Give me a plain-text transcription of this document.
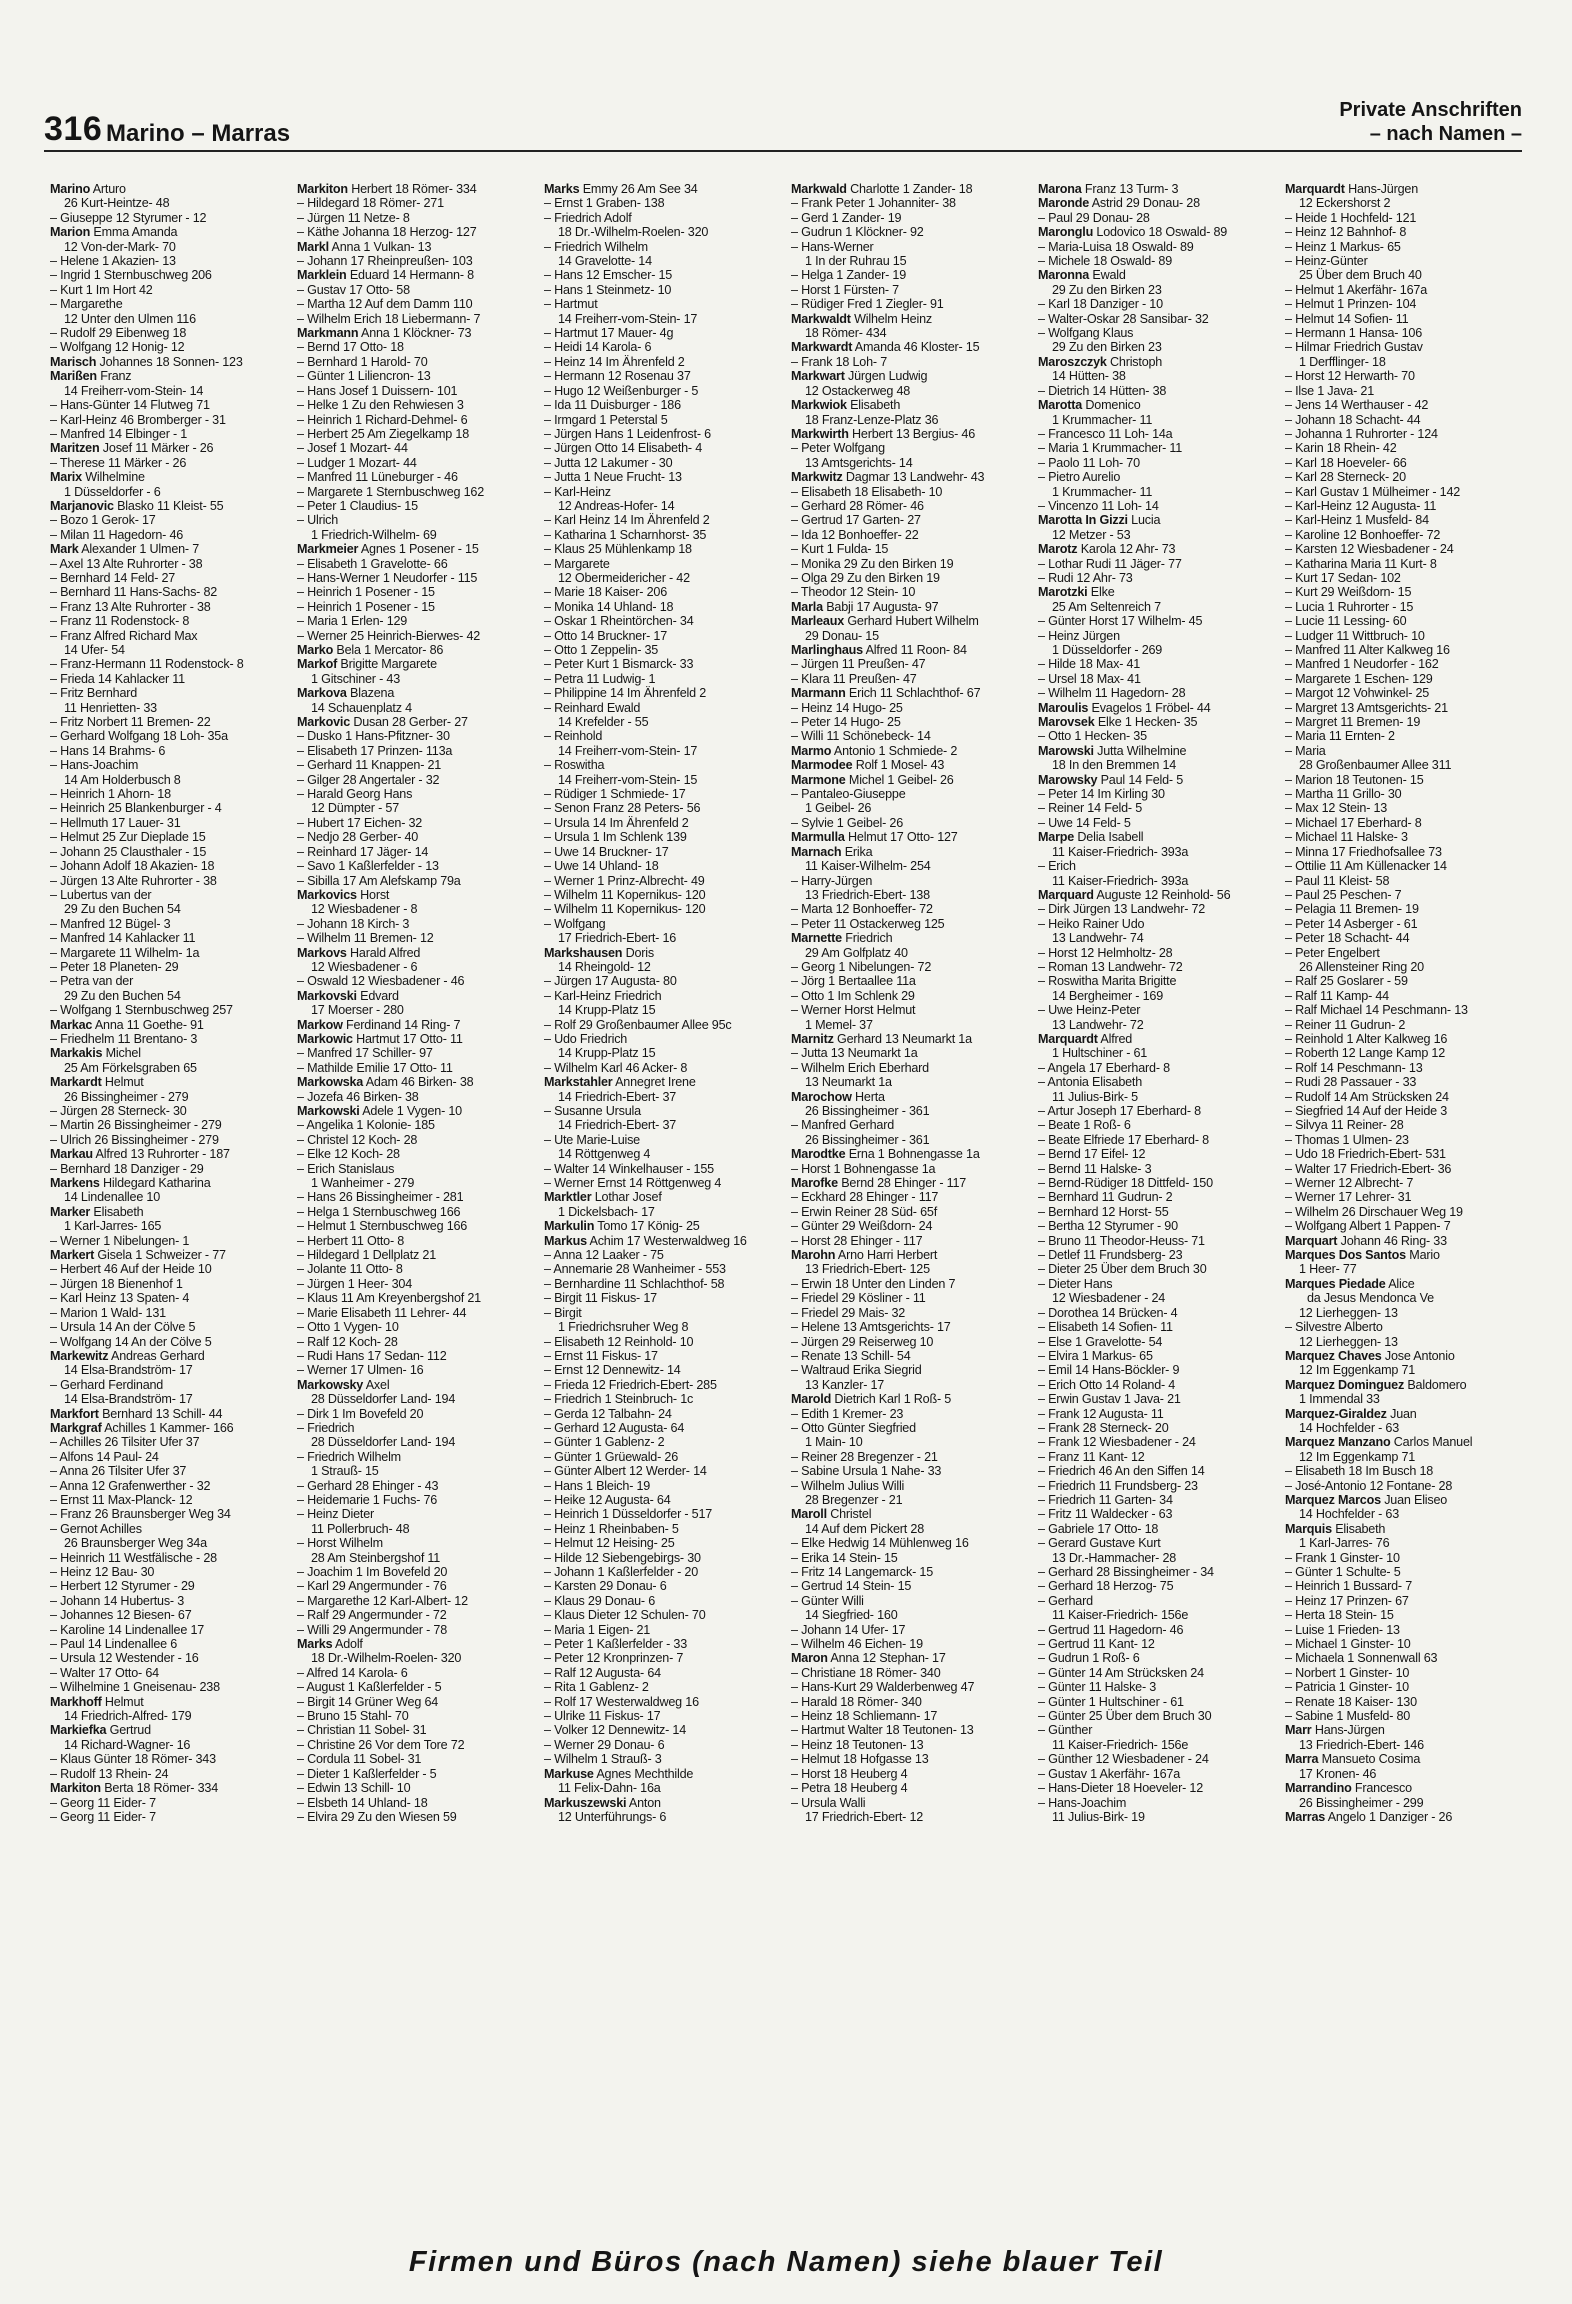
316 Marino – Marras
Private Anschriften
– nach Namen –
Marino Arturo
26 Kurt-Heintze- 48
– Giuseppe 12 Styrumer - 12
Marion Emma Amanda
12 Von-der-Mark- 70
– Helene 1 Akazien- 13
– Ingrid 1 Sternbuschweg 206
– Kurt 1 Im Hort 42
– Margarethe
12 Unter den Ulmen 116
– Rudolf 29 Eibenweg 18
– Wolfgang 12 Honig- 12
Marisch Johannes 18 Sonnen- 123
Marißen Franz
14 Freiherr-vom-Stein- 14
– Hans-Günter 14 Flutweg 71
– Karl-Heinz 46 Bromberger - 31
– Manfred 14 Elbinger - 1
Maritzen Josef 11 Märker - 26
– Therese 11 Märker - 26
Marix Wilhelmine
1 Düsseldorfer - 6
Marjanovic Blasko 11 Kleist- 55
– Bozo 1 Gerok- 17
– Milan 11 Hagedorn- 46
Mark Alexander 1 Ulmen- 7
– Axel 13 Alte Ruhrorter - 38
– Bernhard 14 Feld- 27
– Bernhard 11 Hans-Sachs- 82
– Franz 13 Alte Ruhrorter - 38
– Franz 11 Rodenstock- 8
– Franz Alfred Richard Max
14 Ufer- 54
– Franz-Hermann 11 Rodenstock- 8
– Frieda 14 Kahlacker 11
– Fritz Bernhard
11 Henrietten- 33
– Fritz Norbert 11 Bremen- 22
– Gerhard Wolfgang 18 Loh- 35a
– Hans 14 Brahms- 6
– Hans-Joachim
14 Am Holderbusch 8
– Heinrich 1 Ahorn- 18
– Heinrich 25 Blankenburger - 4
– Hellmuth 17 Lauer- 31
– Helmut 25 Zur Dieplade 15
– Johann 25 Clausthaler - 15
– Johann Adolf 18 Akazien- 18
– Jürgen 13 Alte Ruhrorter - 38
– Lubertus van der
29 Zu den Buchen 54
– Manfred 12 Bügel- 3
– Manfred 14 Kahlacker 11
– Margarete 11 Wilhelm- 1a
– Peter 18 Planeten- 29
– Petra van der
29 Zu den Buchen 54
– Wolfgang 1 Sternbuschweg 257
Markac Anna 11 Goethe- 91
– Friedhelm 11 Brentano- 3
Markakis Michel
25 Am Förkelsgraben 65
Markardt Helmut
26 Bissingheimer - 279
– Jürgen 28 Sterneck- 30
– Martin 26 Bissingheimer - 279
– Ulrich 26 Bissingheimer - 279
Markau Alfred 13 Ruhrorter - 187
– Bernhard 18 Danziger - 29
Markens Hildegard Katharina
14 Lindenallee 10
Marker Elisabeth
1 Karl-Jarres- 165
– Werner 1 Nibelungen- 1
Markert Gisela 1 Schweizer - 77
– Herbert 46 Auf der Heide 10
– Jürgen 18 Bienenhof 1
– Karl Heinz 13 Spaten- 4
– Marion 1 Wald- 131
– Ursula 14 An der Cölve 5
– Wolfgang 14 An der Cölve 5
Markewitz Andreas Gerhard
14 Elsa-Brandström- 17
– Gerhard Ferdinand
14 Elsa-Brandström- 17
Markfort Bernhard 13 Schill- 44
Markgraf Achilles 1 Kammer- 166
– Achilles 26 Tilsiter Ufer 37
– Alfons 14 Paul- 24
– Anna 26 Tilsiter Ufer 37
– Anna 12 Grafenwerther - 32
– Ernst 11 Max-Planck- 12
– Franz 26 Braunsberger Weg 34
– Gernot Achilles
26 Braunsberger Weg 34a
– Heinrich 11 Westfälische - 28
– Heinz 12 Bau- 30
– Herbert 12 Styrumer - 29
– Johann 14 Hubertus- 3
– Johannes 12 Biesen- 67
– Karoline 14 Lindenallee 17
– Paul 14 Lindenallee 6
– Ursula 12 Westender - 16
– Walter 17 Otto- 64
– Wilhelmine 1 Gneisenau- 238
Markhoff Helmut
14 Friedrich-Alfred- 179
Markiefka Gertrud
14 Richard-Wagner- 16
– Klaus Günter 18 Römer- 343
– Rudolf 13 Rhein- 24
Markiton Berta 18 Römer- 334
– Georg 11 Eider- 7
– Georg 11 Eider- 7
Markiton Herbert 18 Römer- 334
– Hildegard 18 Römer- 271
– Jürgen 11 Netze- 8
– Käthe Johanna 18 Herzog- 127
Markl Anna 1 Vulkan- 13
– Johann 17 Rheinpreußen- 103
Marklein Eduard 14 Hermann- 8
– Gustav 17 Otto- 58
– Martha 12 Auf dem Damm 110
– Wilhelm Erich 18 Liebermann- 7
Markmann Anna 1 Klöckner- 73
– Bernd 17 Otto- 18
– Bernhard 1 Harold- 70
– Günter 1 Liliencron- 13
– Hans Josef 1 Duissern- 101
– Helke 1 Zu den Rehwiesen 3
– Heinrich 1 Richard-Dehmel- 6
– Herbert 25 Am Ziegelkamp 18
– Josef 1 Mozart- 44
– Ludger 1 Mozart- 44
– Manfred 11 Lüneburger - 46
– Margarete 1 Sternbuschweg 162
– Peter 1 Claudius- 15
– Ulrich
1 Friedrich-Wilhelm- 69
Markmeier Agnes 1 Posener - 15
– Elisabeth 1 Gravelotte- 66
– Hans-Werner 1 Neudorfer - 115
– Heinrich 1 Posener - 15
– Heinrich 1 Posener - 15
– Maria 1 Erlen- 129
– Werner 25 Heinrich-Bierwes- 42
Marko Bela 1 Mercator- 86
Markof Brigitte Margarete
1 Gitschiner - 43
Markova Blazena
14 Schauenplatz 4
Markovic Dusan 28 Gerber- 27
– Dusko 1 Hans-Pfitzner- 30
– Elisabeth 17 Prinzen- 113a
– Gerhard 11 Knappen- 21
– Gilger 28 Angertaler - 32
– Harald Georg Hans
12 Dümpter - 57
– Hubert 17 Eichen- 32
– Nedjo 28 Gerber- 40
– Reinhard 17 Jäger- 14
– Savo 1 Kaßlerfelder - 13
– Sibilla 17 Am Alefskamp 79a
Markovics Horst
12 Wiesbadener - 8
– Johann 18 Kirch- 3
– Wilhelm 11 Bremen- 12
Markovs Harald Alfred
12 Wiesbadener - 6
– Oswald 12 Wiesbadener - 46
Markovski Edvard
17 Moerser - 280
Markow Ferdinand 14 Ring- 7
Markowic Hartmut 17 Otto- 11
– Manfred 17 Schiller- 97
– Mathilde Emilie 17 Otto- 11
Markowska Adam 46 Birken- 38
– Jozefa 46 Birken- 38
Markowski Adele 1 Vygen- 10
– Angelika 1 Kolonie- 185
– Christel 12 Koch- 28
– Elke 12 Koch- 28
– Erich Stanislaus
1 Wanheimer - 279
– Hans 26 Bissingheimer - 281
– Helga 1 Sternbuschweg 166
– Helmut 1 Sternbuschweg 166
– Herbert 11 Otto- 8
– Hildegard 1 Dellplatz 21
– Jolante 11 Otto- 8
– Jürgen 1 Heer- 304
– Klaus 11 Am Kreyenbergshof 21
– Marie Elisabeth 11 Lehrer- 44
– Otto 1 Vygen- 10
– Ralf 12 Koch- 28
– Rudi Hans 17 Sedan- 112
– Werner 17 Ulmen- 16
Markowsky Axel
28 Düsseldorfer Land- 194
– Dirk 1 Im Bovefeld 20
– Friedrich
28 Düsseldorfer Land- 194
– Friedrich Wilhelm
1 Strauß- 15
– Gerhard 28 Ehinger - 43
– Heidemarie 1 Fuchs- 76
– Heinz Dieter
11 Pollerbruch- 48
– Horst Wilhelm
28 Am Steinbergshof 11
– Joachim 1 Im Bovefeld 20
– Karl 29 Angermunder - 76
– Margarethe 12 Karl-Albert- 12
– Ralf 29 Angermunder - 72
– Willi 29 Angermunder - 78
Marks Adolf
18 Dr.-Wilhelm-Roelen- 320
– Alfred 14 Karola- 6
– August 1 Kaßlerfelder - 5
– Birgit 14 Grüner Weg 64
– Bruno 15 Stahl- 70
– Christian 11 Sobel- 31
– Christine 26 Vor dem Tore 72
– Cordula 11 Sobel- 31
– Dieter 1 Kaßlerfelder - 5
– Edwin 13 Schill- 10
– Elsbeth 14 Uhland- 18
– Elvira 29 Zu den Wiesen 59
Marks Emmy 26 Am See 34
– Ernst 1 Graben- 138
– Friedrich Adolf
18 Dr.-Wilhelm-Roelen- 320
– Friedrich Wilhelm
14 Gravelotte- 14
– Hans 12 Emscher- 15
– Hans 1 Steinmetz- 10
– Hartmut
14 Freiherr-vom-Stein- 17
– Hartmut 17 Mauer- 4g
– Heidi 14 Karola- 6
– Heinz 14 Im Ährenfeld 2
– Hermann 12 Rosenau 37
– Hugo 12 Weißenburger - 5
– Ida 11 Duisburger - 186
– Irmgard 1 Peterstal 5
– Jürgen Hans 1 Leidenfrost- 6
– Jürgen Otto 14 Elisabeth- 4
– Jutta 12 Lakumer - 30
– Jutta 1 Neue Frucht- 13
– Karl-Heinz
12 Andreas-Hofer- 14
– Karl Heinz 14 Im Ährenfeld 2
– Katharina 1 Scharnhorst- 35
– Klaus 25 Mühlenkamp 18
– Margarete
12 Obermeidericher - 42
– Marie 18 Kaiser- 206
– Monika 14 Uhland- 18
– Oskar 1 Rheintörchen- 34
– Otto 14 Bruckner- 17
– Otto 1 Zeppelin- 35
– Peter Kurt 1 Bismarck- 33
– Petra 11 Ludwig- 1
– Philippine 14 Im Ährenfeld 2
– Reinhard Ewald
14 Krefelder - 55
– Reinhold
14 Freiherr-vom-Stein- 17
– Roswitha
14 Freiherr-vom-Stein- 15
– Rüdiger 1 Schmiede- 17
– Senon Franz 28 Peters- 56
– Ursula 14 Im Ährenfeld 2
– Ursula 1 Im Schlenk 139
– Uwe 14 Bruckner- 17
– Uwe 14 Uhland- 18
– Werner 1 Prinz-Albrecht- 49
– Wilhelm 11 Kopernikus- 120
– Wilhelm 11 Kopernikus- 120
– Wolfgang
17 Friedrich-Ebert- 16
Markshausen Doris
14 Rheingold- 12
– Jürgen 17 Augusta- 80
– Karl-Heinz Friedrich
14 Krupp-Platz 15
– Rolf 29 Großenbaumer Allee 95c
– Udo Friedrich
14 Krupp-Platz 15
– Wilhelm Karl 46 Acker- 8
Markstahler Annegret Irene
14 Friedrich-Ebert- 37
– Susanne Ursula
14 Friedrich-Ebert- 37
– Ute Marie-Luise
14 Röttgenweg 4
– Walter 14 Winkelhauser - 155
– Werner Ernst 14 Röttgenweg 4
Marktler Lothar Josef
1 Dickelsbach- 17
Markulin Tomo 17 König- 25
Markus Achim 17 Westerwaldweg 16
– Anna 12 Laaker - 75
– Annemarie 28 Wanheimer - 553
– Bernhardine 11 Schlachthof- 58
– Birgit 11 Fiskus- 17
– Birgit
1 Friedrichsruher Weg 8
– Elisabeth 12 Reinhold- 10
– Ernst 11 Fiskus- 17
– Ernst 12 Dennewitz- 14
– Frieda 12 Friedrich-Ebert- 285
– Friedrich 1 Steinbruch- 1c
– Gerda 12 Talbahn- 24
– Gerhard 12 Augusta- 64
– Günter 1 Gablenz- 2
– Günter 1 Grüewald- 26
– Günter Albert 12 Werder- 14
– Hans 1 Bleich- 19
– Heike 12 Augusta- 64
– Heinrich 1 Düsseldorfer - 517
– Heinz 1 Rheinbaben- 5
– Helmut 12 Heising- 25
– Hilde 12 Siebengebirgs- 30
– Johann 1 Kaßlerfelder - 20
– Karsten 29 Donau- 6
– Klaus 29 Donau- 6
– Klaus Dieter 12 Schulen- 70
– Maria 1 Eigen- 21
– Peter 1 Kaßlerfelder - 33
– Peter 12 Kronprinzen- 7
– Ralf 12 Augusta- 64
– Rita 1 Gablenz- 2
– Rolf 17 Westerwaldweg 16
– Ulrike 11 Fiskus- 17
– Volker 12 Dennewitz- 14
– Werner 29 Donau- 6
– Wilhelm 1 Strauß- 3
Markuse Agnes Mechthilde
11 Felix-Dahn- 16a
Markuszewski Anton
12 Unterführungs- 6
Markwald Charlotte 1 Zander- 18
– Frank Peter 1 Johanniter- 38
– Gerd 1 Zander- 19
– Gudrun 1 Klöckner- 92
– Hans-Werner
1 In der Ruhrau 15
– Helga 1 Zander- 19
– Horst 1 Fürsten- 7
– Rüdiger Fred 1 Ziegler- 91
Markwaldt Wilhelm Heinz
18 Römer- 434
Markwardt Amanda 46 Kloster- 15
– Frank 18 Loh- 7
Markwart Jürgen Ludwig
12 Ostackerweg 48
Markwiok Elisabeth
18 Franz-Lenze-Platz 36
Markwirth Herbert 13 Bergius- 46
– Peter Wolfgang
13 Amtsgerichts- 14
Markwitz Dagmar 13 Landwehr- 43
– Elisabeth 18 Elisabeth- 10
– Gerhard 28 Römer- 46
– Gertrud 17 Garten- 27
– Ida 12 Bonhoeffer- 22
– Kurt 1 Fulda- 15
– Monika 29 Zu den Birken 19
– Olga 29 Zu den Birken 19
– Theodor 12 Stein- 10
Marla Babji 17 Augusta- 97
Marleaux Gerhard Hubert Wilhelm
29 Donau- 15
Marlinghaus Alfred 11 Roon- 84
– Jürgen 11 Preußen- 47
– Klara 11 Preußen- 47
Marmann Erich 11 Schlachthof- 67
– Heinz 14 Hugo- 25
– Peter 14 Hugo- 25
– Willi 11 Schönebeck- 14
Marmo Antonio 1 Schmiede- 2
Marmodee Rolf 1 Mosel- 43
Marmone Michel 1 Geibel- 26
– Pantaleo-Giuseppe
1 Geibel- 26
– Sylvie 1 Geibel- 26
Marmulla Helmut 17 Otto- 127
Marnach Erika
11 Kaiser-Wilhelm- 254
– Harry-Jürgen
13 Friedrich-Ebert- 138
– Marta 12 Bonhoeffer- 72
– Peter 11 Ostackerweg 125
Marnette Friedrich
29 Am Golfplatz 40
– Georg 1 Nibelungen- 72
– Jörg 1 Bertaallee 11a
– Otto 1 Im Schlenk 29
– Werner Horst Helmut
1 Memel- 37
Marnitz Gerhard 13 Neumarkt 1a
– Jutta 13 Neumarkt 1a
– Wilhelm Erich Eberhard
13 Neumarkt 1a
Marochow Herta
26 Bissingheimer - 361
– Manfred Gerhard
26 Bissingheimer - 361
Marodtke Erna 1 Bohnengasse 1a
– Horst 1 Bohnengasse 1a
Marofke Bernd 28 Ehinger - 117
– Eckhard 28 Ehinger - 117
– Erwin Reiner 28 Süd- 65f
– Günter 29 Weißdorn- 24
– Horst 28 Ehinger - 117
Marohn Arno Harri Herbert
13 Friedrich-Ebert- 125
– Erwin 18 Unter den Linden 7
– Friedel 29 Kösliner - 11
– Friedel 29 Mais- 32
– Helene 13 Amtsgerichts- 17
– Jürgen 29 Reiserweg 10
– Renate 13 Schill- 54
– Waltraud Erika Siegrid
13 Kanzler- 17
Marold Dietrich Karl 1 Roß- 5
– Edith 1 Kremer- 23
– Otto Günter Siegfried
1 Main- 10
– Reiner 28 Bregenzer - 21
– Sabine Ursula 1 Nahe- 33
– Wilhelm Julius Willi
28 Bregenzer - 21
Maroll Christel
14 Auf dem Pickert 28
– Elke Hedwig 14 Mühlenweg 16
– Erika 14 Stein- 15
– Fritz 14 Langemarck- 15
– Gertrud 14 Stein- 15
– Günter Willi
14 Siegfried- 160
– Johann 14 Ufer- 17
– Wilhelm 46 Eichen- 19
Maron Anna 12 Stephan- 17
– Christiane 18 Römer- 340
– Hans-Kurt 29 Walderbenweg 47
– Harald 18 Römer- 340
– Heinz 18 Schliemann- 17
– Hartmut Walter 18 Teutonen- 13
– Heinz 18 Teutonen- 13
– Helmut 18 Hofgasse 13
– Horst 18 Heuberg 4
– Petra 18 Heuberg 4
– Ursula Walli
17 Friedrich-Ebert- 12
Marona Franz 13 Turm- 3
Maronde Astrid 29 Donau- 28
– Paul 29 Donau- 28
Maronglu Lodovico 18 Oswald- 89
– Maria-Luisa 18 Oswald- 89
– Michele 18 Oswald- 89
Maronna Ewald
29 Zu den Birken 23
– Karl 18 Danziger - 10
– Walter-Oskar 28 Sansibar- 32
– Wolfgang Klaus
29 Zu den Birken 23
Maroszczyk Christoph
14 Hütten- 38
– Dietrich 14 Hütten- 38
Marotta Domenico
1 Krummacher- 11
– Francesco 11 Loh- 14a
– Maria 1 Krummacher- 11
– Paolo 11 Loh- 70
– Pietro Aurelio
1 Krummacher- 11
– Vincenzo 11 Loh- 14
Marotta In Gizzi Lucia
12 Metzer - 53
Marotz Karola 12 Ahr- 73
– Lothar Rudi 11 Jäger- 77
– Rudi 12 Ahr- 73
Marotzki Elke
25 Am Seltenreich 7
– Günter Horst 17 Wilhelm- 45
– Heinz Jürgen
1 Düsseldorfer - 269
– Hilde 18 Max- 41
– Ursel 18 Max- 41
– Wilhelm 11 Hagedorn- 28
Maroulis Evagelos 1 Fröbel- 44
Marovsek Elke 1 Hecken- 35
– Otto 1 Hecken- 35
Marowski Jutta Wilhelmine
18 In den Bremmen 14
Marowsky Paul 14 Feld- 5
– Peter 14 Im Kirling 30
– Reiner 14 Feld- 5
– Uwe 14 Feld- 5
Marpe Delia Isabell
11 Kaiser-Friedrich- 393a
– Erich
11 Kaiser-Friedrich- 393a
Marquard Auguste 12 Reinhold- 56
– Dirk Jürgen 13 Landwehr- 72
– Heiko Rainer Udo
13 Landwehr- 74
– Horst 12 Helmholtz- 28
– Roman 13 Landwehr- 72
– Roswitha Marita Brigitte
14 Bergheimer - 169
– Uwe Heinz-Peter
13 Landwehr- 72
Marquardt Alfred
1 Hultschiner - 61
– Angela 17 Eberhard- 8
– Antonia Elisabeth
11 Julius-Birk- 5
– Artur Joseph 17 Eberhard- 8
– Beate 1 Roß- 6
– Beate Elfriede 17 Eberhard- 8
– Bernd 17 Eifel- 12
– Bernd 11 Halske- 3
– Bernd-Rüdiger 18 Dittfeld- 150
– Bernhard 11 Gudrun- 2
– Bernhard 12 Horst- 55
– Bertha 12 Styrumer - 90
– Bruno 11 Theodor-Heuss- 71
– Detlef 11 Frundsberg- 23
– Dieter 25 Über dem Bruch 30
– Dieter Hans
12 Wiesbadener - 24
– Dorothea 14 Brücken- 4
– Elisabeth 14 Sofien- 11
– Else 1 Gravelotte- 54
– Elvira 1 Markus- 65
– Emil 14 Hans-Böckler- 9
– Erich Otto 14 Roland- 4
– Erwin Gustav 1 Java- 21
– Frank 12 Augusta- 11
– Frank 28 Sterneck- 20
– Frank 12 Wiesbadener - 24
– Franz 11 Kant- 12
– Friedrich 46 An den Siffen 14
– Friedrich 11 Frundsberg- 23
– Friedrich 11 Garten- 34
– Fritz 11 Waldecker - 63
– Gabriele 17 Otto- 18
– Gerard Gustave Kurt
13 Dr.-Hammacher- 28
– Gerhard 28 Bissingheimer - 34
– Gerhard 18 Herzog- 75
– Gerhard
11 Kaiser-Friedrich- 156e
– Gertrud 11 Hagedorn- 46
– Gertrud 11 Kant- 12
– Gudrun 1 Roß- 6
– Günter 14 Am Strücksken 24
– Günter 11 Halske- 3
– Günter 1 Hultschiner - 61
– Günter 25 Über dem Bruch 30
– Günther
11 Kaiser-Friedrich- 156e
– Günther 12 Wiesbadener - 24
– Gustav 1 Akerfähr- 167a
– Hans-Dieter 18 Hoeveler- 12
– Hans-Joachim
11 Julius-Birk- 19
Marquardt Hans-Jürgen
12 Eckershorst 2
– Heide 1 Hochfeld- 121
– Heinz 12 Bahnhof- 8
– Heinz 1 Markus- 65
– Heinz-Günter
25 Über dem Bruch 40
– Helmut 1 Akerfähr- 167a
– Helmut 1 Prinzen- 104
– Helmut 14 Sofien- 11
– Hermann 1 Hansa- 106
– Hilmar Friedrich Gustav
1 Derfflinger- 18
– Horst 12 Herwarth- 70
– Ilse 1 Java- 21
– Jens 14 Werthauser - 42
– Johann 18 Schacht- 44
– Johanna 1 Ruhrorter - 124
– Karin 18 Rhein- 42
– Karl 18 Hoeveler- 66
– Karl 28 Sterneck- 20
– Karl Gustav 1 Mülheimer - 142
– Karl-Heinz 12 Augusta- 11
– Karl-Heinz 1 Musfeld- 84
– Karoline 12 Bonhoeffer- 72
– Karsten 12 Wiesbadener - 24
– Katharina Maria 11 Kurt- 8
– Kurt 17 Sedan- 102
– Kurt 29 Weißdorn- 15
– Lucia 1 Ruhrorter - 15
– Lucie 11 Lessing- 60
– Ludger 11 Wittbruch- 10
– Manfred 11 Alter Kalkweg 16
– Manfred 1 Neudorfer - 162
– Margarete 1 Eschen- 129
– Margot 12 Vohwinkel- 25
– Margret 13 Amtsgerichts- 21
– Margret 11 Bremen- 19
– Maria 11 Ernten- 2
– Maria
28 Großenbaumer Allee 311
– Marion 18 Teutonen- 15
– Martha 11 Grillo- 30
– Max 12 Stein- 13
– Michael 17 Eberhard- 8
– Michael 11 Halske- 3
– Minna 17 Friedhofsallee 73
– Ottilie 11 Am Küllenacker 14
– Paul 11 Kleist- 58
– Paul 25 Peschen- 7
– Pelagia 11 Bremen- 19
– Peter 14 Asberger - 61
– Peter 18 Schacht- 44
– Peter Engelbert
26 Allensteiner Ring 20
– Ralf 25 Goslarer - 59
– Ralf 11 Kamp- 44
– Ralf Michael 14 Peschmann- 13
– Reiner 11 Gudrun- 2
– Reinhold 1 Alter Kalkweg 16
– Roberth 12 Lange Kamp 12
– Rolf 14 Peschmann- 13
– Rudi 28 Passauer - 33
– Rudolf 14 Am Strücksken 24
– Siegfried 14 Auf der Heide 3
– Silvya 11 Reiner- 28
– Thomas 1 Ulmen- 23
– Udo 18 Friedrich-Ebert- 531
– Walter 17 Friedrich-Ebert- 36
– Werner 12 Albrecht- 7
– Werner 17 Lehrer- 31
– Wilhelm 26 Dirschauer Weg 19
– Wolfgang Albert 1 Pappen- 7
Marquart Johann 46 Ring- 33
Marques Dos Santos Mario
1 Heer- 77
Marques Piedade Alice
da Jesus Mendonca Ve
12 Lierheggen- 13
– Silvestre Alberto
12 Lierheggen- 13
Marquez Chaves Jose Antonio
12 Im Eggenkamp 71
Marquez Dominguez Baldomero
1 Immendal 33
Marquez-Giraldez Juan
14 Hochfelder - 63
Marquez Manzano Carlos Manuel
12 Im Eggenkamp 71
– Elisabeth 18 Im Busch 18
– José-Antonio 12 Fontane- 28
Marquez Marcos Juan Eliseo
14 Hochfelder - 63
Marquis Elisabeth
1 Karl-Jarres- 76
– Frank 1 Ginster- 10
– Günter 1 Schulte- 5
– Heinrich 1 Bussard- 7
– Heinz 17 Prinzen- 67
– Herta 18 Stein- 15
– Luise 1 Frieden- 13
– Michael 1 Ginster- 10
– Michaela 1 Sonnenwall 63
– Norbert 1 Ginster- 10
– Patricia 1 Ginster- 10
– Renate 18 Kaiser- 130
– Sabine 1 Musfeld- 80
Marr Hans-Jürgen
13 Friedrich-Ebert- 146
Marra Mansueto Cosima
17 Kronen- 46
Marrandino Francesco
26 Bissingheimer - 299
Marras Angelo 1 Danziger - 26
Firmen und Büros (nach Namen) siehe blauer Teil
